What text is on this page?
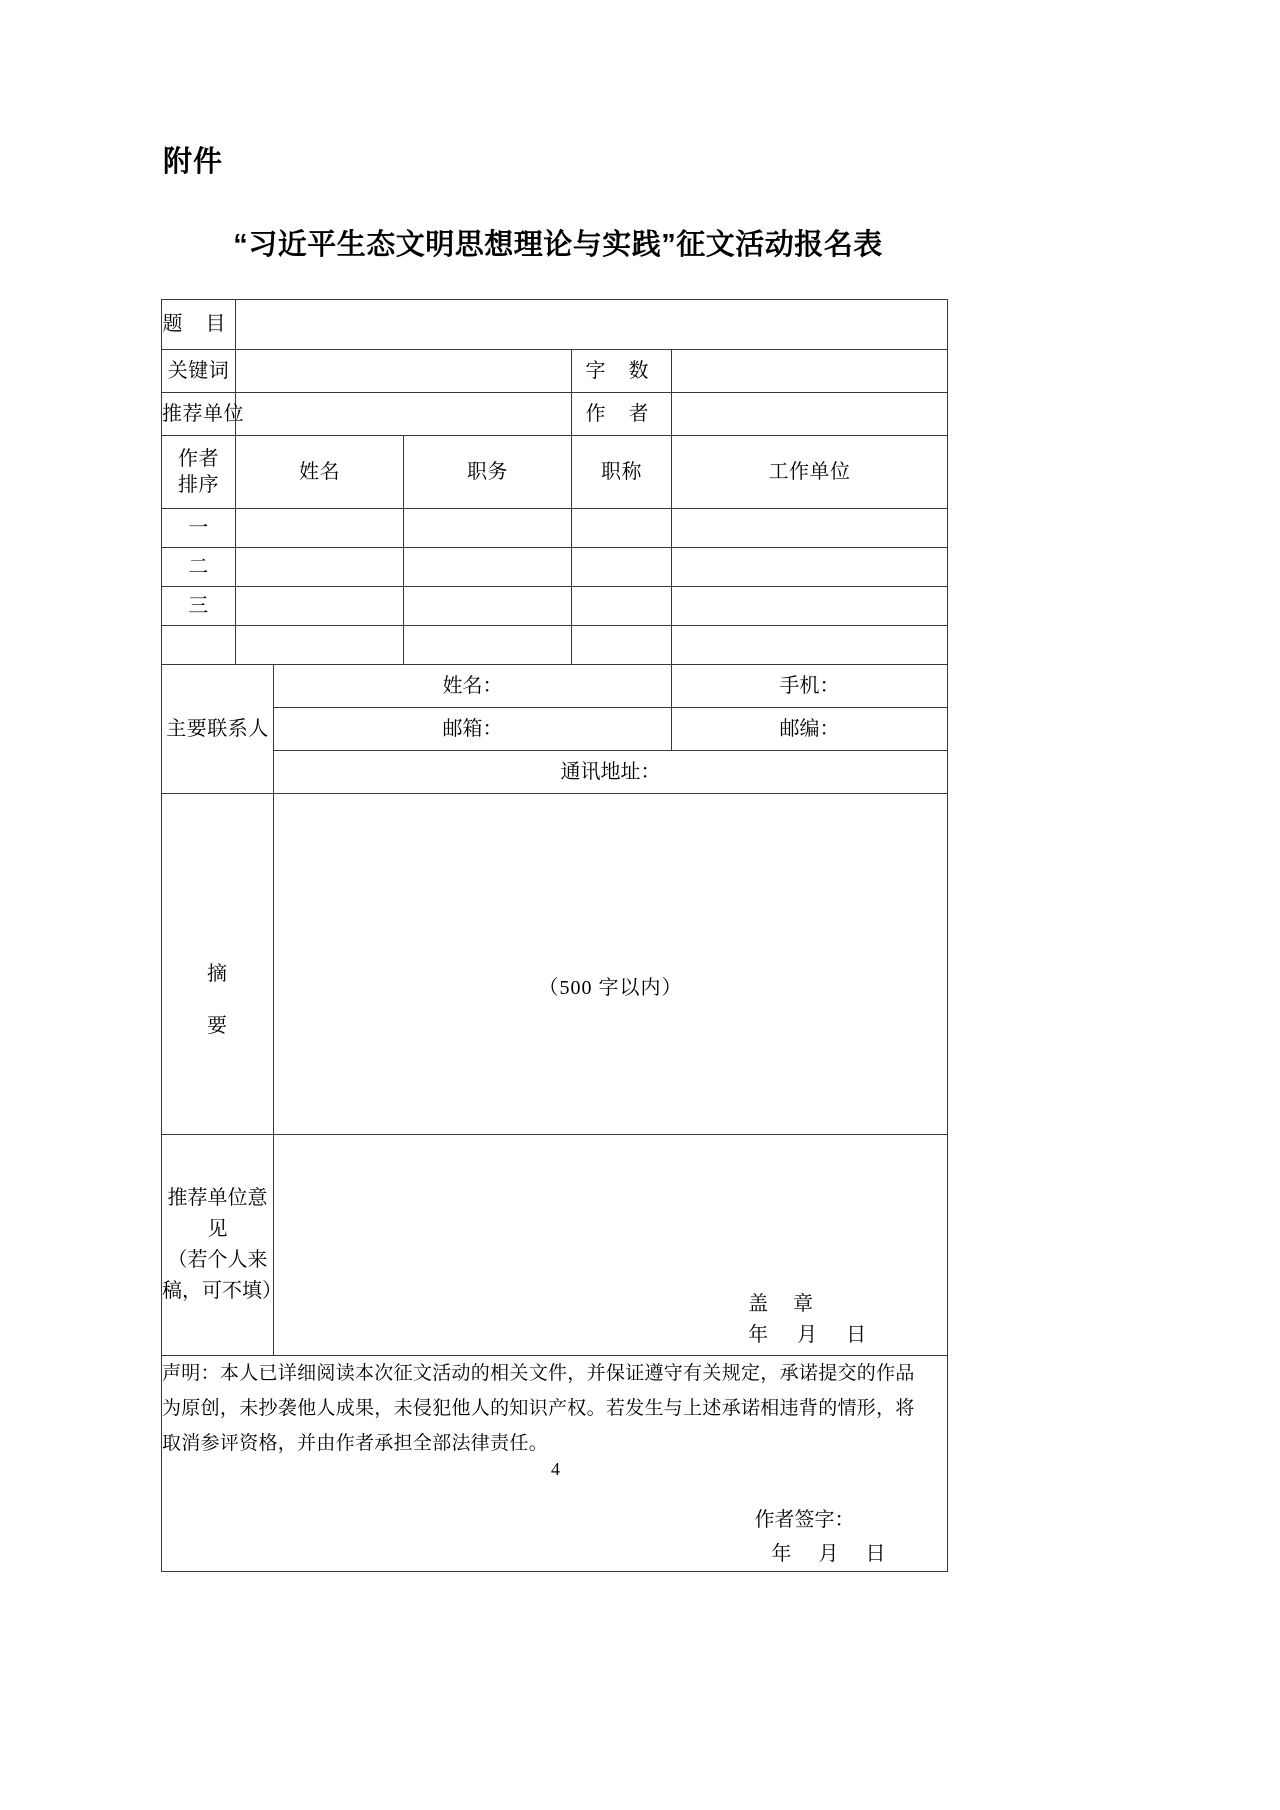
附件
“习近平生态文明思想理论与实践”征文活动报名表
题 目					
关键词				字 数	
推荐单位				作 者	

作者
排序	姓名		职务	职称	工作单位
一					
二					
三					

主要联系人		姓名：			手机：
		邮箱：			邮编：
		通讯地址：			

摘
要		（500 字以内）			

推荐单位意见
（若个人来
稿，可不填）

盖 章
年 月 日

声明：本人已详细阅读本次征文活动的相关文件，并保证遵守有关规定，承诺提交的作品
为原创，未抄袭他人成果，未侵犯他人的知识产权。若发生与上述承诺相违背的情形，将
取消参评资格，并由作者承担全部法律责任。
作者签字：
年 月 日					
4
